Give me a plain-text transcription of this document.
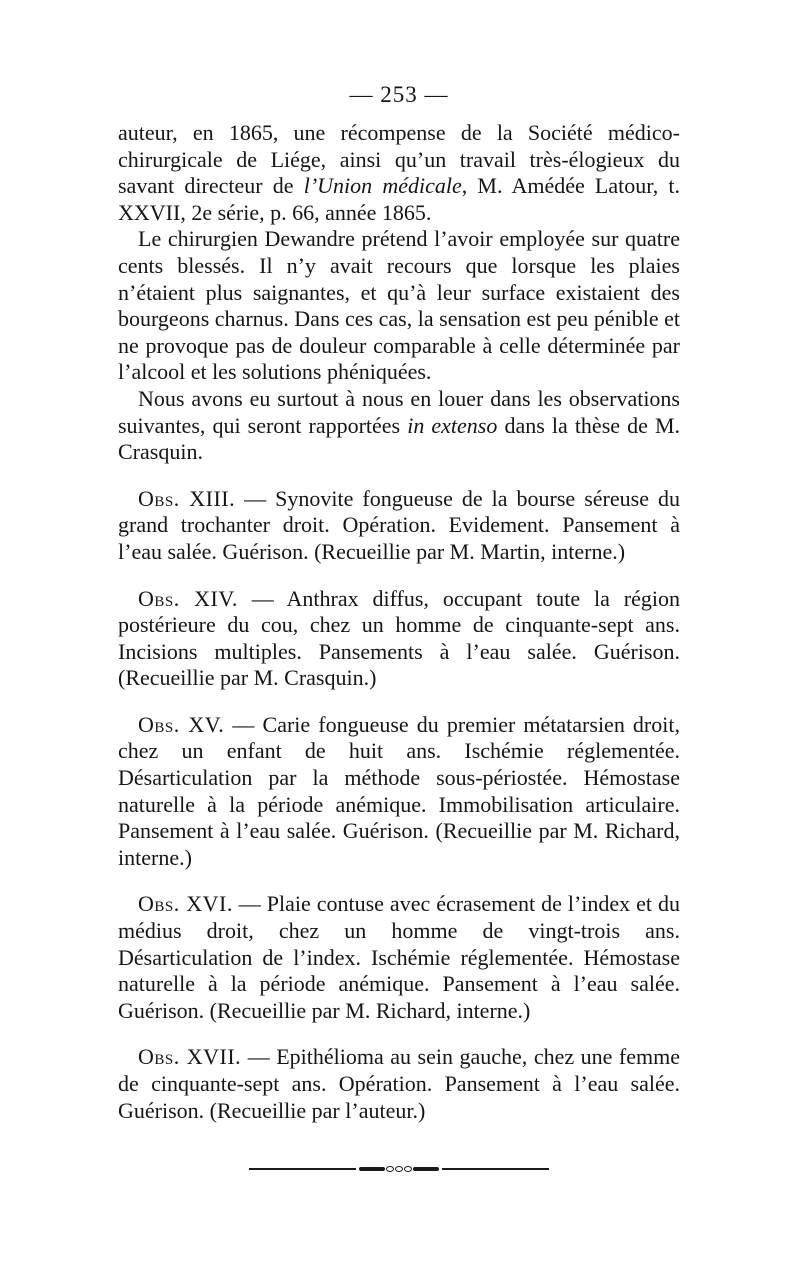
— 253 —

auteur, en 1865, une récompense de la Société médico-chirurgicale de Liége, ainsi qu’un travail très-élogieux du savant directeur de l’Union médicale, M. Amédée Latour, t. XXVII, 2e série, p. 66, année 1865.

Le chirurgien Dewandre prétend l’avoir employée sur quatre cents blessés. Il n’y avait recours que lorsque les plaies n’étaient plus saignantes, et qu’à leur surface existaient des bourgeons charnus. Dans ces cas, la sensation est peu pénible et ne provoque pas de douleur comparable à celle déterminée par l’alcool et les solutions phéniquées.

Nous avons eu surtout à nous en louer dans les observations suivantes, qui seront rapportées in extenso dans la thèse de M. Crasquin.

Obs. XIII. — Synovite fongueuse de la bourse séreuse du grand trochanter droit. Opération. Evidement. Pansement à l’eau salée. Guérison. (Recueillie par M. Martin, interne.)

Obs. XIV. — Anthrax diffus, occupant toute la région postérieure du cou, chez un homme de cinquante-sept ans. Incisions multiples. Pansements à l’eau salée. Guérison. (Recueillie par M. Crasquin.)

Obs. XV. — Carie fongueuse du premier métatarsien droit, chez un enfant de huit ans. Ischémie réglementée. Désarticulation par la méthode sous-périostée. Hémostase naturelle à la période anémique. Immobilisation articulaire. Pansement à l’eau salée. Guérison. (Recueillie par M. Richard, interne.)

Obs. XVI. — Plaie contuse avec écrasement de l’index et du médius droit, chez un homme de vingt-trois ans. Désarticulation de l’index. Ischémie réglementée. Hémostase naturelle à la période anémique. Pansement à l’eau salée. Guérison. (Recueillie par M. Richard, interne.)

Obs. XVII. — Epithélioma au sein gauche, chez une femme de cinquante-sept ans. Opération. Pansement à l’eau salée. Guérison. (Recueillie par l’auteur.)
